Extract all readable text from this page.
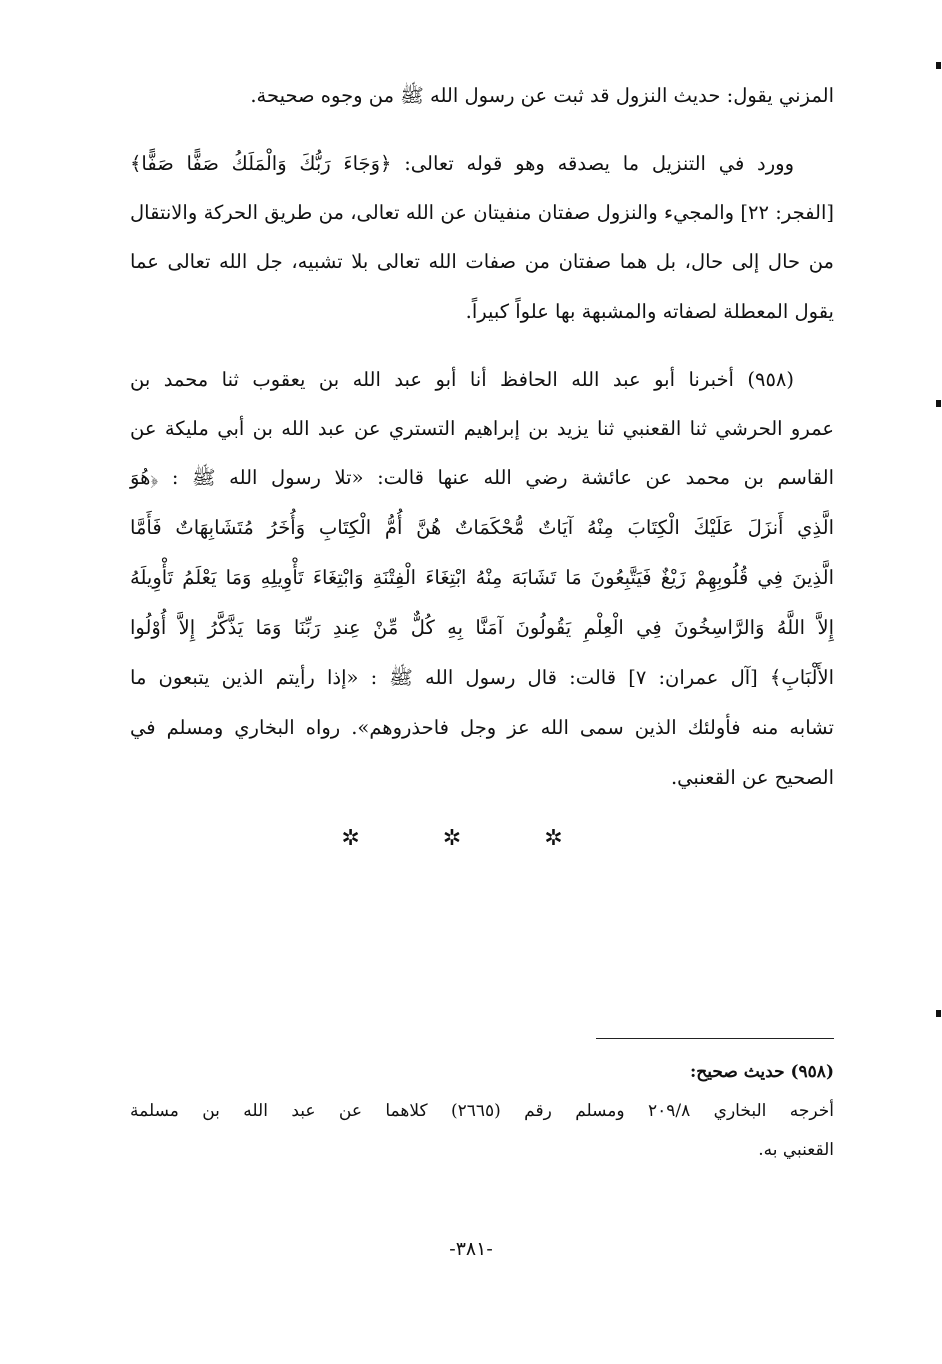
المزني يقول: حديث النزول قد ثبت عن رسول الله ﷺ من وجوه صحيحة.
وورد في التنزيل ما يصدقه وهو قوله تعالى: ﴿وَجَاءَ رَبُّكَ وَالْمَلَكُ صَفًّا صَفًّا﴾
[الفجر: ٢٢] والمجيء والنزول صفتان منفيتان عن الله تعالى، من طريق الحركة والانتقال
من حال إلى حال، بل هما صفتان من صفات الله تعالى بلا تشبيه، جل الله تعالى عما
يقول المعطلة لصفاته والمشبهة بها علواً كبيراً.
(٩٥٨) أخبرنا أبو عبد الله الحافظ أنا أبو عبد الله بن يعقوب ثنا محمد بن
عمرو الحرشي ثنا القعنبي ثنا يزيد بن إبراهيم التستري عن عبد الله بن أبي مليكة عن
القاسم بن محمد عن عائشة رضي الله عنها قالت: «تلا رسول الله ﷺ : ﴿هُوَ
الَّذِي أَنزَلَ عَلَيْكَ الْكِتَابَ مِنْهُ آيَاتٌ مُّحْكَمَاتٌ هُنَّ أُمُّ الْكِتَابِ وَأُخَرُ مُتَشَابِهَاتٌ فَأَمَّا
الَّذِينَ فِي قُلُوبِهِمْ زَيْغٌ فَيَتَّبِعُونَ مَا تَشَابَهَ مِنْهُ ابْتِغَاءَ الْفِتْنَةِ وَابْتِغَاءَ تَأْوِيلِهِ وَمَا يَعْلَمُ تَأْوِيلَهُ
إِلاَّ اللَّهُ وَالرَّاسِخُونَ فِي الْعِلْمِ يَقُولُونَ آمَنَّا بِهِ كُلٌّ مِّنْ عِندِ رَبِّنَا وَمَا يَذَّكَّرُ إِلاَّ أُوْلُوا
الأَلْبَابِ﴾ [آل عمران: ٧] قالت: قال رسول الله ﷺ : «إذا رأيتم الذين يتبعون ما
تشابه منه فأولئك الذين سمى الله عز وجل فاحذروهم». رواه البخاري ومسلم في
الصحيح عن القعنبي.
✲ ✲ ✲
(٩٥٨) حديث صحيح:
أخرجه البخاري ٢٠٩/٨ ومسلم رقم (٢٦٦٥) كلاهما عن عبد الله بن مسلمة
القعنبي به.
-٣٨١-
